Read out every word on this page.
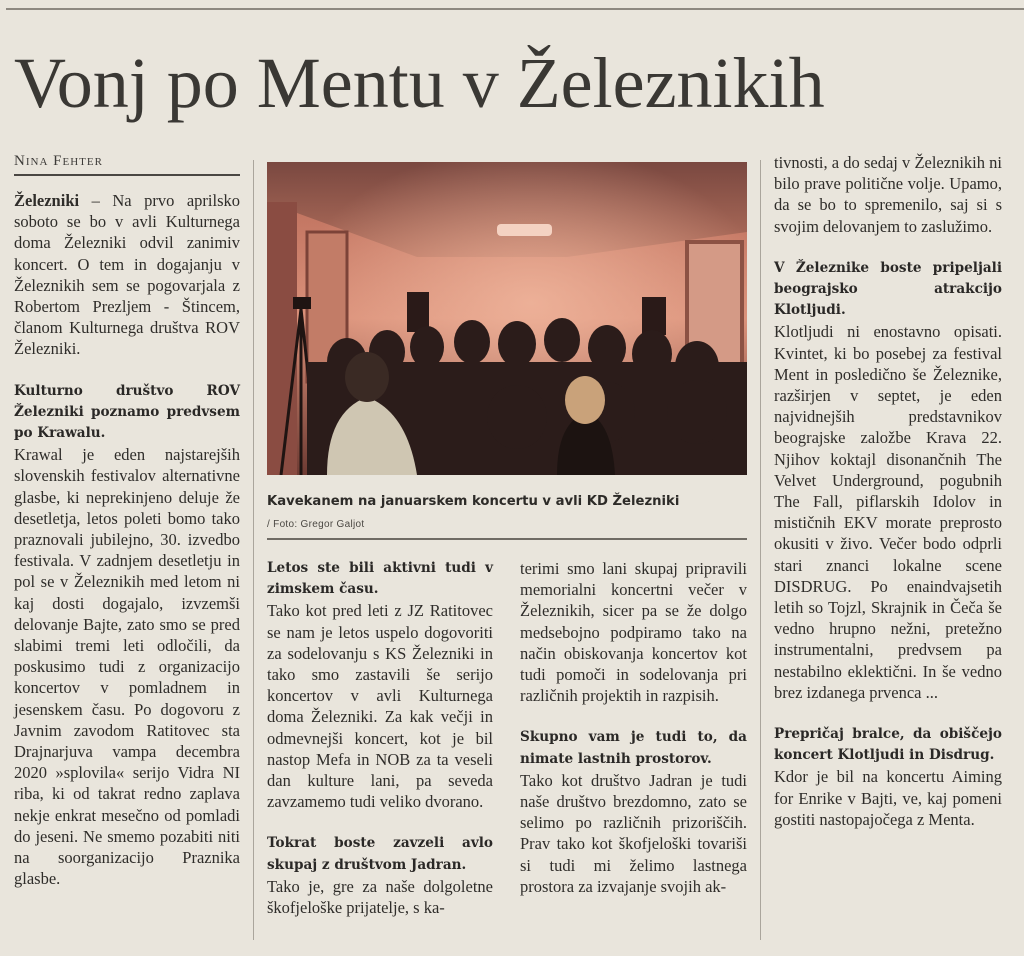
Vonj po Mentu v Železnikih
Nina Fehter

Železniki – Na prvo aprilsko soboto se bo v avli Kulturnega doma Železniki odvil zanimiv koncert. O tem in dogajanju v Železnikih sem se pogovarjala z Robertom Prezljem - Štincem, članom Kulturnega društva ROV Železniki.

Kulturno društvo ROV Železniki poznamo predvsem po Krawalu.

Krawal je eden najstarejših slovenskih festivalov alternativne glasbe, ki neprekinjeno deluje že desetletja, letos poleti bomo tako praznovali jubilejno, 30. izvedbo festivala. V zadnjem desetletju in pol se v Železnikih med letom ni kaj dosti dogajalo, izvzemši delovanje Bajte, zato smo se pred slabimi tremi leti odločili, da poskusimo tudi z organizacijo koncertov v pomladnem in jesenskem času. Po dogovoru z Javnim zavodom Ratitovec sta Drajnarjuva vampa decembra 2020 »splovila« serijo Vidra NI riba, ki od takrat redno zaplava nekje enkrat mesečno od pomladi do jeseni. Ne smemo pozabiti niti na soorganizacijo Praznika glasbe.

Kavekanem na januarskem koncertu v avli KD Železniki
/ Foto: Gregor Galjot
Letos ste bili aktivni tudi v zimskem času.

Tako kot pred leti z JZ Ratitovec se nam je letos uspelo dogovoriti za sodelovanju s KS Železniki in tako smo zastavili še serijo koncertov v avli Kulturnega doma Železniki. Za kak večji in odmevnejši koncert, kot je bil nastop Mefa in NOB za ta veseli dan kulture lani, pa seveda zavzamemo tudi veliko dvorano.

Tokrat boste zavzeli avlo skupaj z društvom Jadran.

Tako je, gre za naše dolgoletne škofjeloške prijatelje, s ka-

terimi smo lani skupaj pripravili memorialni koncertni večer v Železnikih, sicer pa se že dolgo medsebojno podpiramo tako na način obiskovanja koncertov kot tudi pomoči in sodelovanja pri različnih projektih in razpisih.

Skupno vam je tudi to, da nimate lastnih prostorov.

Tako kot društvo Jadran je tudi naše društvo brezdomno, zato se selimo po različnih prizoriščih. Prav tako kot škofjeloški tovariši si tudi mi želimo lastnega prostora za izvajanje svojih ak-

tivnosti, a do sedaj v Železnikih ni bilo prave politične volje. Upamo, da se bo to spremenilo, saj si s svojim delovanjem to zaslužimo.

V Železnike boste pripeljali beograjsko atrakcijo Klotljudi.

Klotljudi ni enostavno opisati. Kvintet, ki bo posebej za festival Ment in posledično še Železnike, razširjen v septet, je eden najvidnejših predstavnikov beograjske založbe Krava 22. Njihov koktajl disonančnih The Velvet Underground, pogubnih The Fall, piflarskih Idolov in mističnih EKV morate preprosto okusiti v živo. Večer bodo odprli stari znanci lokalne scene DISDRUG. Po enaindvajsetih letih so Tojzl, Skrajnik in Čeča še vedno hrupno nežni, pretežno instrumentalni, predvsem pa nestabilno eklektični. In še vedno brez izdanega prvenca ...

Prepričaj bralce, da obiščejo koncert Klotljudi in Disdrug.

Kdor je bil na koncertu Aiming for Enrike v Bajti, ve, kaj pomeni gostiti nastopajočega z Menta.
